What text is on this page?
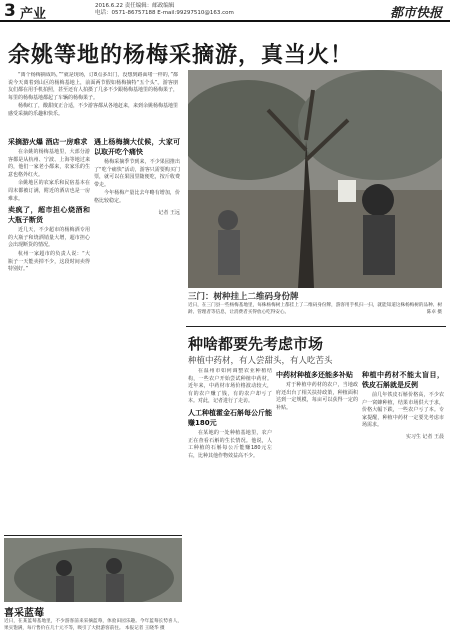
3 产业
2016.6.22 责任编辑：邮政编辑
电话：0571-86757188 E-mail:99297510@163.com	都市快报
余姚等地的杨梅采摘游，真当火！

“离个杨梅摘成吗，”“就是现场，订8点多出门，没想到路面堵一样的，”都说今天离着到山区的杨梅基地上，前面两节假如杨梅摘特“五个头”。游客朋友们都在用手机拍照，甚至还有人拍摄了几多不少跟杨梅基地里的杨梅果子，每里的杨梅基地都起了车辆的杨梅果子。

杨梅红了，酸甜度正合适，不少游客都从各地赶来，来到余姚杨梅基地里感受采摘的乐趣和快乐。

采摘游火爆 酒店一房难求

在余姚的杨梅基地里，大部分游客都是从杭州、宁波、上海等地过来的，他们一家老小都来，农家乐的生意也格外红火。

余姚地区的农家乐和民宿基本在周末都被订满，附近的酒店也是一房难求。

卖疯了，超市担心烧酒和大瓶子断货

近几天，不少超市的杨梅酒专用的大瓶子和烧酒销量大增，超市担心会出现断货的情况。

杭州一家超市的负责人说：“大瓶子一天能卖掉不少，这段时间卖得特别好。”

遇上杨梅摘大仗候，大家可以取开吃个痛快

杨梅采摘季节到来，不少果园推出了“吃个痛快”活动，游客只需要购买门票，就可以在果园里随便吃，按斤收费带走。

今年杨梅产量比去年略有增加，价格比较稳定。

记者 王远

三门：树种挂上二维码身份牌
近日，在三门县一些杨梅基地里，每株杨梅树上都挂上了二维码身份牌，游客用手机扫一扫，就能知道这株杨梅树的品种、树龄、管理者等信息，让消费者买得放心吃得安心。	陈卓 摄
种啥都要先考虑市场
种植中药材，有人尝甜头，有人吃苦头

在温州市如何调整农业种植结构，一些农户开始尝试种植中药材。近年来，中药材市场价格波动较大，有的农户赚了钱，有的农户却亏了本。对此，记者进行了走访。

人工种植霍金石斛每公斤能赚180元

在某地的一处种植基地里，农户正在查看石斛的生长情况。他说，人工种植的石斛每公斤能赚180元左右，比种其他作物效益高不少。

中药材种植多还能多补贴

对于种植中药材的农户，当地政府还出台了相关扶持政策，种植面积达到一定规模，每亩可以获得一定的补贴。

种植中药材不能太盲目，铁皮石斛就是反例

前几年铁皮石斛价格高，不少农户一窝蜂种植，结果市场供大于求，价格大幅下跌，一些农户亏了本。专家提醒，种植中药材一定要先考虑市场需求。

实习生 记者 王晨

喜采蓝莓
近日，在某蓝莓基地里，不少游客前来采摘蓝莓，体验田园乐趣。今年蓝莓长势喜人，果实饱满，每斤售价在几十元不等，吸引了大批游客前往。 本报记者 王晓华 摄
